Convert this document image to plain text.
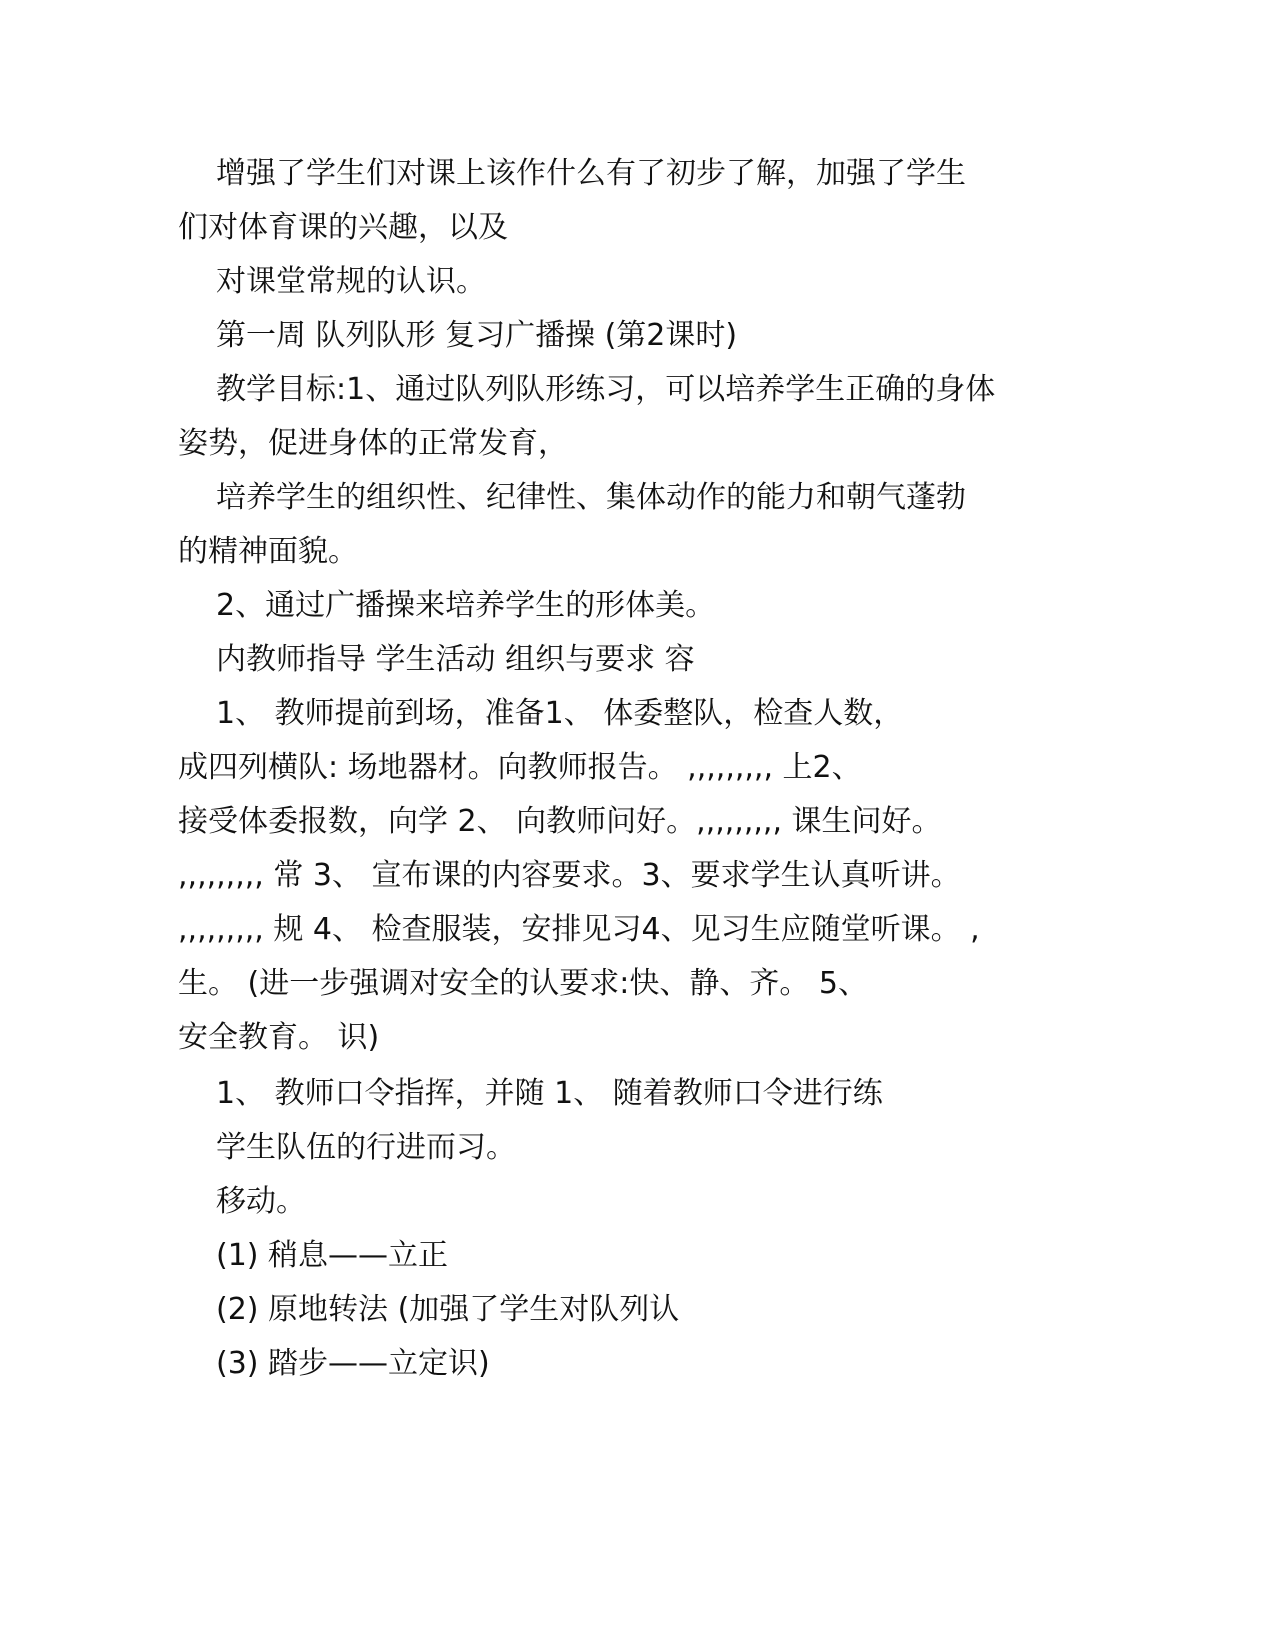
增强了学生们对课上该作什么有了初步了解，加强了学生
们对体育课的兴趣，以及
对课堂常规的认识。
第一周 队列队形 复习广播操 (第2课时)
教学目标:1、通过队列队形练习，可以培养学生正确的身体
姿势，促进身体的正常发育，
培养学生的组织性、纪律性、集体动作的能力和朝气蓬勃
的精神面貌。
2、通过广播操来培养学生的形体美。
内教师指导 学生活动 组织与要求 容
1、 教师提前到场，准备1、 体委整队，检查人数，
成四列横队: 场地器材。向教师报告。 ,,,,,,,,, 上2、
接受体委报数，向学 2、 向教师问好。,,,,,,,,, 课生问好。
,,,,,,,,, 常 3、 宣布课的内容要求。3、要求学生认真听讲。
,,,,,,,,, 规 4、 检查服装，安排见习4、见习生应随堂听课。 ,
生。 (进一步强调对安全的认要求:快、静、齐。 5、
安全教育。 识)
1、 教师口令指挥，并随 1、 随着教师口令进行练
学生队伍的行进而习。
移动。
(1) 稍息——立正
(2) 原地转法 (加强了学生对队列认
(3) 踏步——立定识)
